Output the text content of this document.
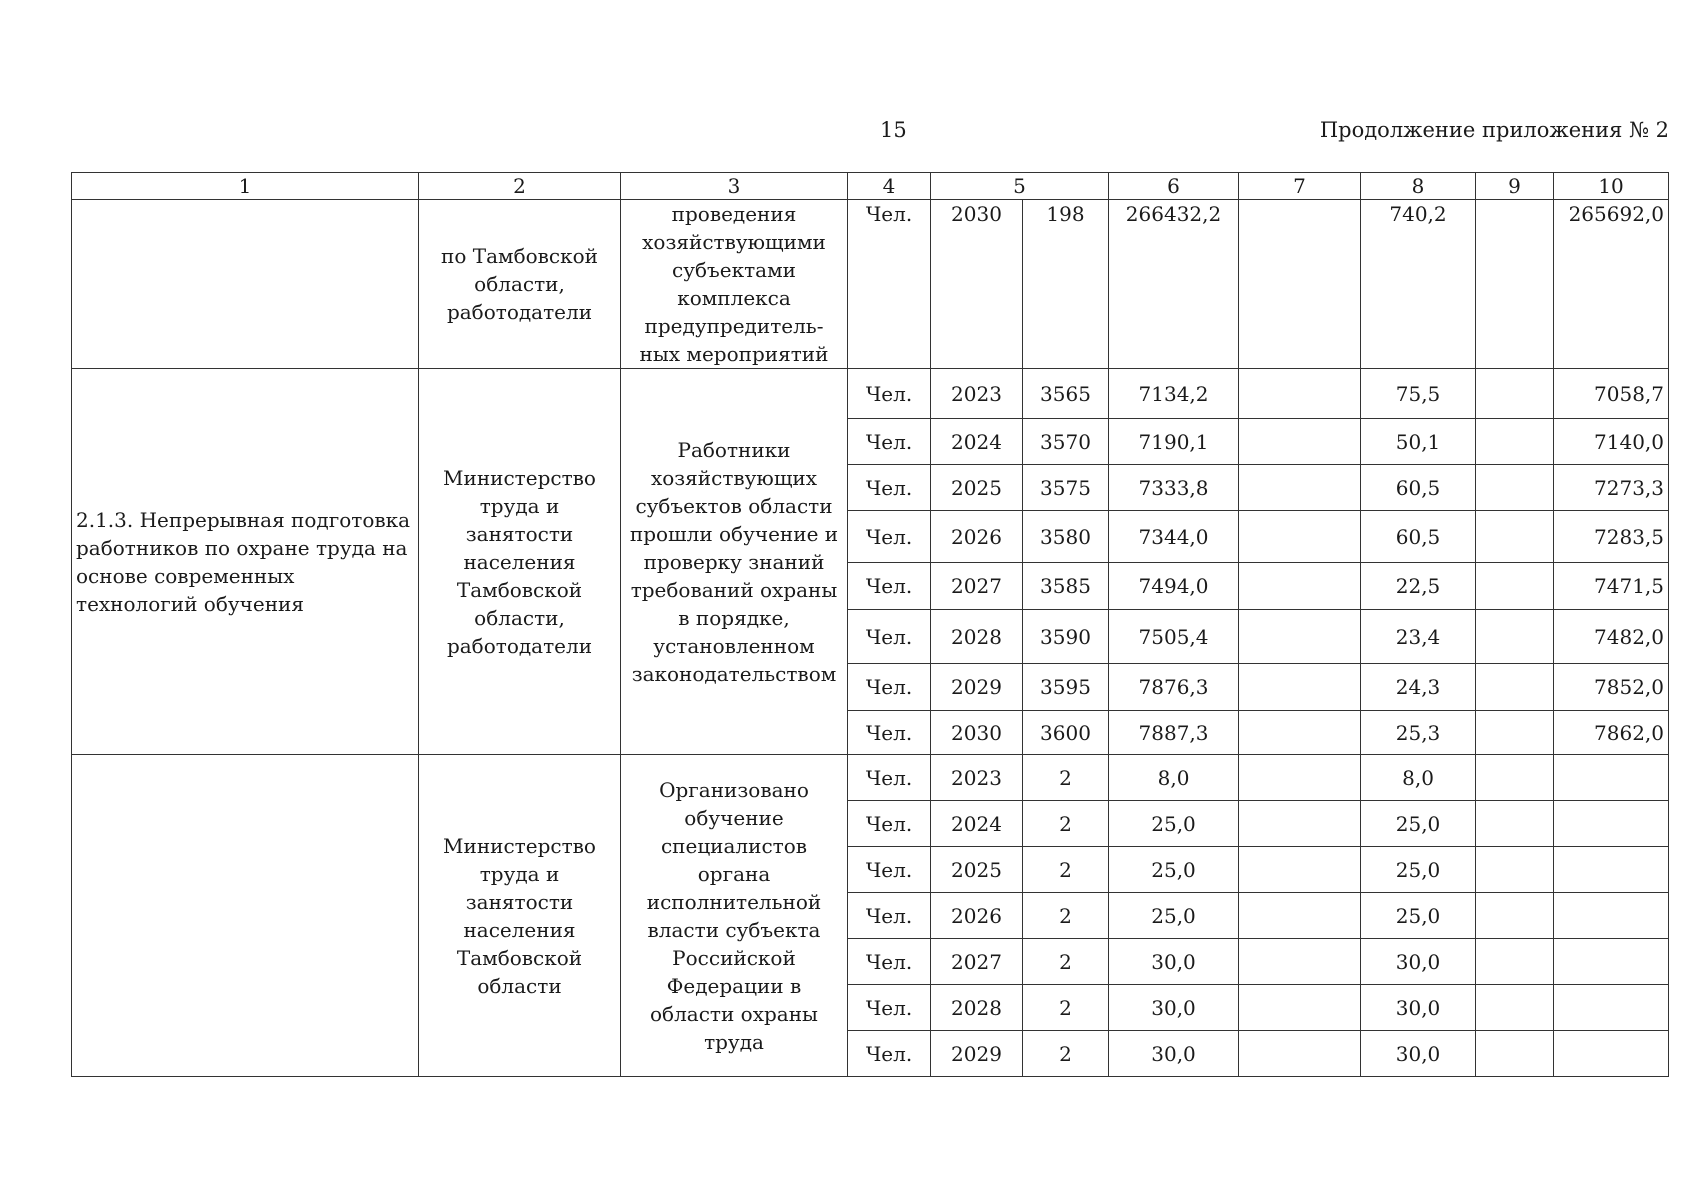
15	Продолжение приложения № 2
1	2	3	4	5		6	7	8	9	10
	по Тамбовской области, работодатели	проведения хозяйствующими субъектами комплекса предупредитель-ных мероприятий	Чел.	2030	198	266432,2		740,2		265692,0
2.1.3. Непрерывная подготовка работников по охране труда на основе современных технологий обучения	Министерство труда и занятости населения Тамбовской области, работодатели	Работники хозяйствующих субъектов области прошли обучение и проверку знаний требований охраны в порядке, установленном законодательством	Чел.	2023	3565	7134,2		75,5		7058,7
			Чел.	2024	3570	7190,1		50,1		7140,0
			Чел.	2025	3575	7333,8		60,5		7273,3
			Чел.	2026	3580	7344,0		60,5		7283,5
			Чел.	2027	3585	7494,0		22,5		7471,5
			Чел.	2028	3590	7505,4		23,4		7482,0
			Чел.	2029	3595	7876,3		24,3		7852,0
			Чел.	2030	3600	7887,3		25,3		7862,0
	Министерство труда и занятости населения Тамбовской области	Организовано обучение специалистов органа исполнительной власти субъекта Российской Федерации в области охраны труда	Чел.	2023	2	8,0		8,0		
			Чел.	2024	2	25,0		25,0		
			Чел.	2025	2	25,0		25,0		
			Чел.	2026	2	25,0		25,0		
			Чел.	2027	2	30,0		30,0		
			Чел.	2028	2	30,0		30,0		
			Чел.	2029	2	30,0		30,0		
